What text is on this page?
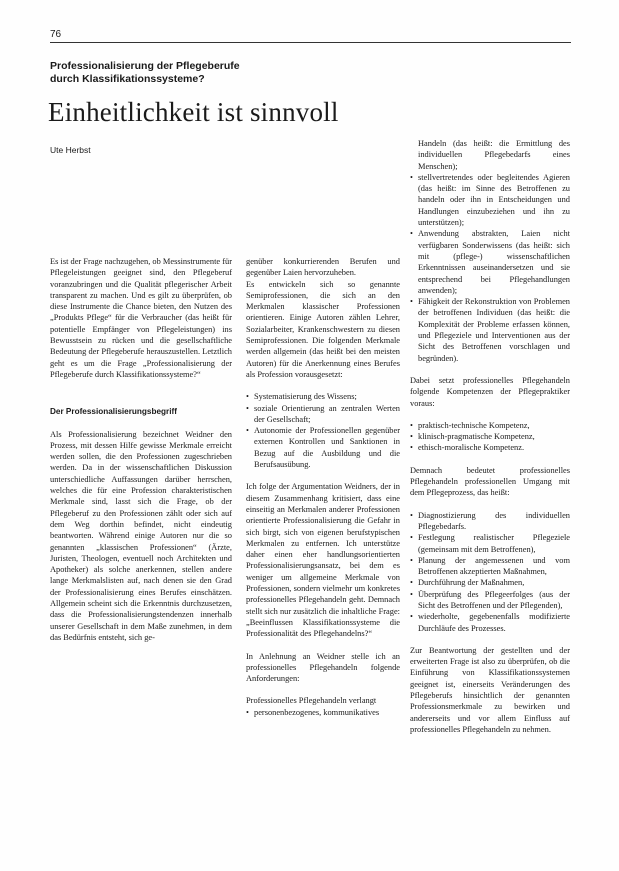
76
Professionalisierung der Pflegeberufe
durch Klassifikationssysteme?
Einheitlichkeit ist sinnvoll
Ute Herbst

Es ist der Frage nachzugehen, ob Messinstrumente für Pflegeleistungen geeignet sind, den Pflegeberuf voranzubringen und die Qualität pflegerischer Arbeit transparent zu machen. Und es gilt zu überprüfen, ob diese Instrumente die Chance bieten, den Nutzen des „Produkts Pflege“ für die Verbraucher (das heißt für potentielle Empfänger von Pflegeleistungen) ins Bewusstsein zu rücken und die gesellschaftliche Bedeutung der Pflegeberufe herauszustellen. Letztlich geht es um die Frage „Professionalisierung der Pflegeberufe durch Klassifikationssysteme?“

Der Professionalisierungsbegriff

Als Professionalisierung bezeichnet Weidner den Prozess, mit dessen Hilfe gewisse Merkmale erreicht werden sollen, die den Professionen zugeschrieben werden. Da in der wissenschaftlichen Diskussion unterschiedliche Auffassungen darüber herrschen, welches die für eine Profession charakteristischen Merkmale sind, lasst sich die Frage, ob der Pflegeberuf zu den Professionen zählt oder sich auf dem Weg dorthin befindet, nicht eindeutig beantworten. Während einige Autoren nur die so genannten „klassischen Professionen“ (Ärzte, Juristen, Theologen, eventuell noch Architekten und Apotheker) als solche anerkennen, stellen andere lange Merkmalslisten auf, nach denen sie den Grad der Professionalisierung eines Berufes einschätzen. Allgemein scheint sich die Erkenntnis durchzusetzen, dass die Professionalisierungstendenzen innerhalb unserer Gesellschaft in dem Maße zunehmen, in dem das Bedürfnis entsteht, sich ge-

genüber konkurrierenden Berufen und gegenüber Laien hervorzuheben.

Es entwickeln sich so genannte Semiprofessionen, die sich an den Merkmalen klassischer Professionen orientieren. Einige Autoren zählen Lehrer, Sozialarbeiter, Krankenschwestern zu diesen Semiprofessionen. Die folgenden Merkmale werden allgemein (das heißt bei den meisten Autoren) für die Anerkennung eines Berufes als Profession vorausgesetzt:

• Systematisierung des Wissens;
• soziale Orientierung an zentralen Werten der Gesellschaft;
• Autonomie der Professionellen gegenüber externen Kontrollen und Sanktionen in Bezug auf die Ausbildung und die Berufsausübung.

Ich folge der Argumentation Weidners, der in diesem Zusammenhang kritisiert, dass eine einseitig an Merkmalen anderer Professionen orientierte Professionalisierung die Gefahr in sich birgt, sich von eigenen berufstypischen Merkmalen zu entfernen. Ich unterstütze daher einen eher handlungsorientierten Professionalisierungsansatz, bei dem es weniger um allgemeine Merkmale von Professionen, sondern vielmehr um konkretes professionelles Pflegehandeln geht. Demnach stellt sich nur zusätzlich die inhaltliche Frage: „Beeinflussen Klassifikationssysteme die Professionalität des Pflegehandelns?“

In Anlehnung an Weidner stelle ich an professionelles Pflegehandeln folgende Anforderungen:

Professionelles Pflegehandeln verlangt

• personenbezogenes, kommunikatives

Handeln (das heißt: die Ermittlung des individuellen Pflegebedarfs eines Menschen);

• stellvertretendes oder begleitendes Agieren (das heißt: im Sinne des Betroffenen zu handeln oder ihn in Entscheidungen und Handlungen einzubeziehen und ihn zu unterstützen);
• Anwendung abstrakten, Laien nicht verfügbaren Sonderwissens (das heißt: sich mit (pflege-) wissenschaftlichen Erkenntnissen auseinandersetzen und sie entsprechend bei Pflegehandlungen anwenden);
• Fähigkeit der Rekonstruktion von Problemen der betroffenen Individuen (das heißt: die Komplexität der Probleme erfassen können, und Pflegeziele und Interventionen aus der Sicht des Betroffenen vorschlagen und begründen).

Dabei setzt professionelles Pflegehandeln folgende Kompetenzen der Pflegepraktiker voraus:

• praktisch-technische Kompetenz,
• klinisch-pragmatische Kompetenz,
• ethisch-moralische Kompetenz.

Demnach bedeutet professionelles Pflegehandeln professionellen Umgang mit dem Pflegeprozess, das heißt:

• Diagnostizierung des individuellen Pflegebedarfs.
• Festlegung realistischer Pflegeziele (gemeinsam mit dem Betroffenen),
• Planung der angemessenen und vom Betroffenen akzeptierten Maßnahmen,
• Durchführung der Maßnahmen,
• Überprüfung des Pflegeerfolges (aus der Sicht des Betroffenen und der Pflegenden),
• wiederholte, gegebenenfalls modifizierte Durchläufe des Prozesses.

Zur Beantwortung der gestellten und der erweiterten Frage ist also zu überprüfen, ob die Einführung von Klassifikationssystemen geeignet ist, einerseits Veränderungen des Pflegeberufs hinsichtlich der genannten Professionsmerkmale zu bewirken und andererseits und vor allem Einfluss auf professionelles Pflegehandeln zu nehmen.
